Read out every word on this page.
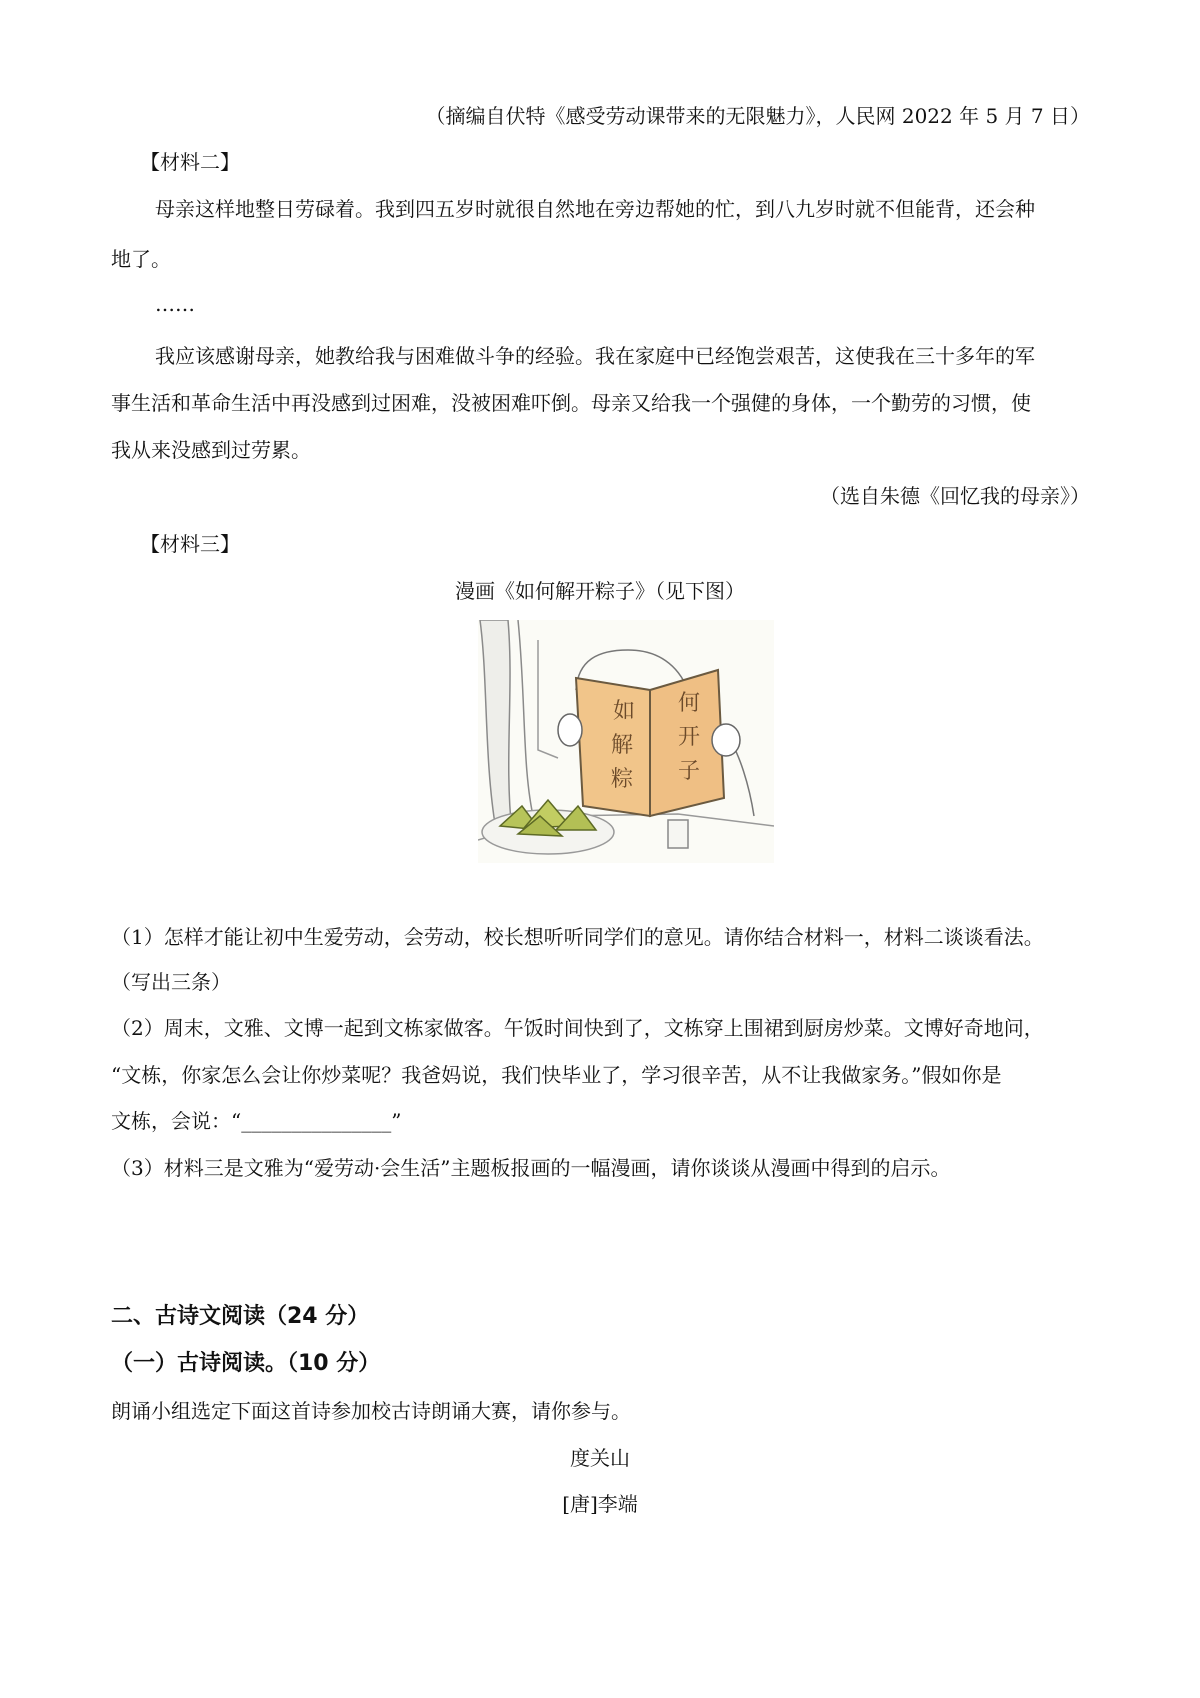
（摘编自伏特《感受劳动课带来的无限魅力》，人民网 2022 年 5 月 7 日）
【材料二】
母亲这样地整日劳碌着。我到四五岁时就很自然地在旁边帮她的忙，到八九岁时就不但能背，还会种
地了。
……
我应该感谢母亲，她教给我与困难做斗争的经验。我在家庭中已经饱尝艰苦，这使我在三十多年的军
事生活和革命生活中再没感到过困难，没被困难吓倒。母亲又给我一个强健的身体，一个勤劳的习惯，使
我从来没感到过劳累。
（选自朱德《回忆我的母亲》）
【材料三】
漫画《如何解开粽子》（见下图）
如 何
解 开
粽 子
（1）怎样才能让初中生爱劳动，会劳动，校长想听听同学们的意见。请你结合材料一，材料二谈谈看法。
（写出三条）
（2）周末，文雅、文博一起到文栋家做客。午饭时间快到了，文栋穿上围裙到厨房炒菜。文博好奇地问，
“文栋，你家怎么会让你炒菜呢？我爸妈说，我们快毕业了，学习很辛苦，从不让我做家务。”假如你是
文栋，会说：“_______________”
（3）材料三是文雅为“爱劳动·会生活”主题板报画的一幅漫画，请你谈谈从漫画中得到的启示。
二、古诗文阅读（24 分）
（一）古诗阅读。（10 分）
朗诵小组选定下面这首诗参加校古诗朗诵大赛，请你参与。
度关山
[唐]李端
